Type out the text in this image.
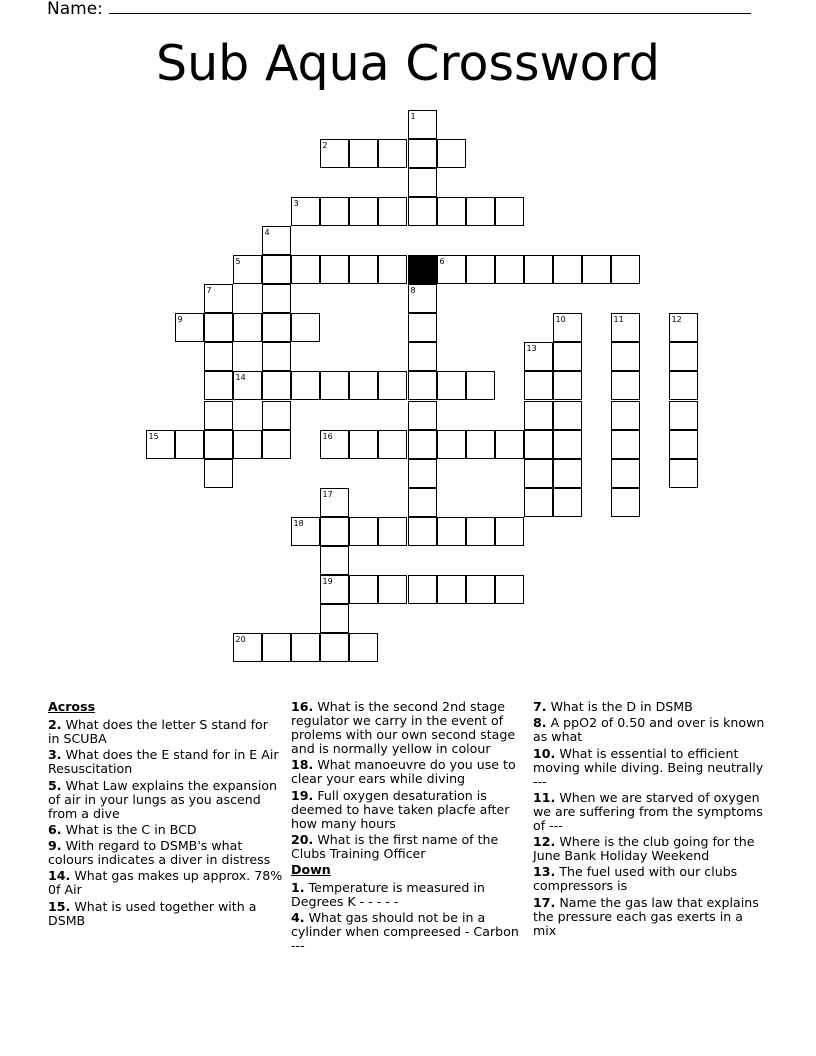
Name:
Sub Aqua Crossword
1
8
2
3
4
5	6
7
9	10	11	12
13
14
15	16
17
19
18
20
Across
2. What does the letter S stand for in SCUBA
3. What does the E stand for in E Air Resuscitation
5. What Law explains the expansion of air in your lungs as you ascend from a dive
6. What is the C in BCD
9. With regard to DSMB's what colours indicates a diver in distress
14. What gas makes up approx. 78% 0f Air
15. What is used together with a DSMB
16. What is the second 2nd stage regulator we carry in the event of prolems with our own second stage and is normally yellow in colour
18. What manoeuvre do you use to clear your ears while diving
19. Full oxygen desaturation is deemed to have taken placfe after how many hours
20. What is the first name of the Clubs Training Officer
Down
1. Temperature is measured in Degrees K - - - - -
4. What gas should not be in a cylinder when compreesed - Carbon ---
7. What is the D in DSMB
8. A ppO2 of 0.50 and over is known as what
10. What is essential to efficient moving while diving. Being neutrally ---
11. When we are starved of oxygen we are suffering from the symptoms of ---
12. Where is the club going for the June Bank Holiday Weekend
13. The fuel used with our clubs compressors is
17. Name the gas law that explains the pressure each gas exerts in a mix
